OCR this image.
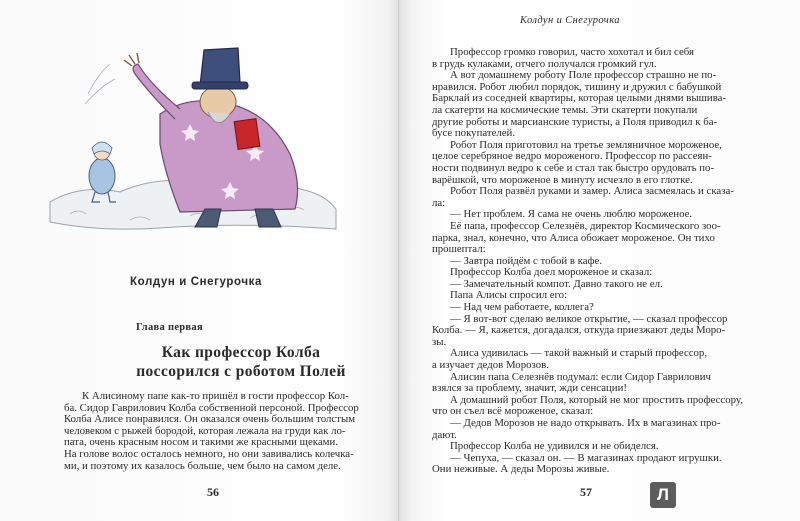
Колдун и Снегурочка
Глава первая
Как профессор Колба
поссорился с роботом Полей
К Алисиному папе как-то пришёл в гости профессор Кол-
ба. Сидор Гаврилович Колба собственной персоной. Профессор
Колба Алисе понравился. Он оказался очень большим толстым
человеком с рыжей бородой, которая лежала на груди как ло-
пата, очень красным носом и такими же красными щеками.
На голове волос осталось немного, но они завивались колечка-
ми, и поэтому их казалось больше, чем было на самом деле.
56
Колдун и Снегурочка
Профессор громко говорил, часто хохотал и бил себя
в грудь кулаками, отчего получался громкий гул.
А вот домашнему роботу Поле профессор страшно не по-
нравился. Робот любил порядок, тишину и дружил с бабушкой
Барклай из соседней квартиры, которая целыми днями вышива-
ла скатерти на космические темы. Эти скатерти покупали
другие роботы и марсианские туристы, а Поля приводил к ба-
бусе покупателей.
Робот Поля приготовил на третье земляничное мороженое,
целое серебряное ведро мороженого. Профессор по рассеян-
ности подвинул ведро к себе и стал так быстро орудовать по-
варёшкой, что мороженое в минуту исчезло в его глотке.
Робот Поля развёл руками и замер. Алиса засмеялась и сказа-
ла:
— Нет проблем. Я сама не очень люблю мороженое.
Её папа, профессор Селезнёв, директор Космического зоо-
парка, знал, конечно, что Алиса обожает мороженое. Он тихо
прошептал:
— Завтра пойдём с тобой в кафе.
Профессор Колба доел мороженое и сказал:
— Замечательный компот. Давно такого не ел.
Папа Алисы спросил его:
— Над чем работаете, коллега?
— Я вот-вот сделаю великое открытие, — сказал профессор
Колба. — Я, кажется, догадался, откуда приезжают деды Моро-
зы.
Алиса удивилась — такой важный и старый профессор,
а изучает дедов Морозов.
Алисин папа Селезнёв подумал: если Сидор Гаврилович
взялся за проблему, значит, жди сенсации!
А домашний робот Поля, который не мог простить профессору,
что он съел всё мороженое, сказал:
— Дедов Морозов не надо открывать. Их в магазинах про-
дают.
Профессор Колба не удивился и не обиделся.
— Чепуха, — сказал он. — В магазинах продают игрушки.
Они неживые. А деды Морозы живые.
57	Л
